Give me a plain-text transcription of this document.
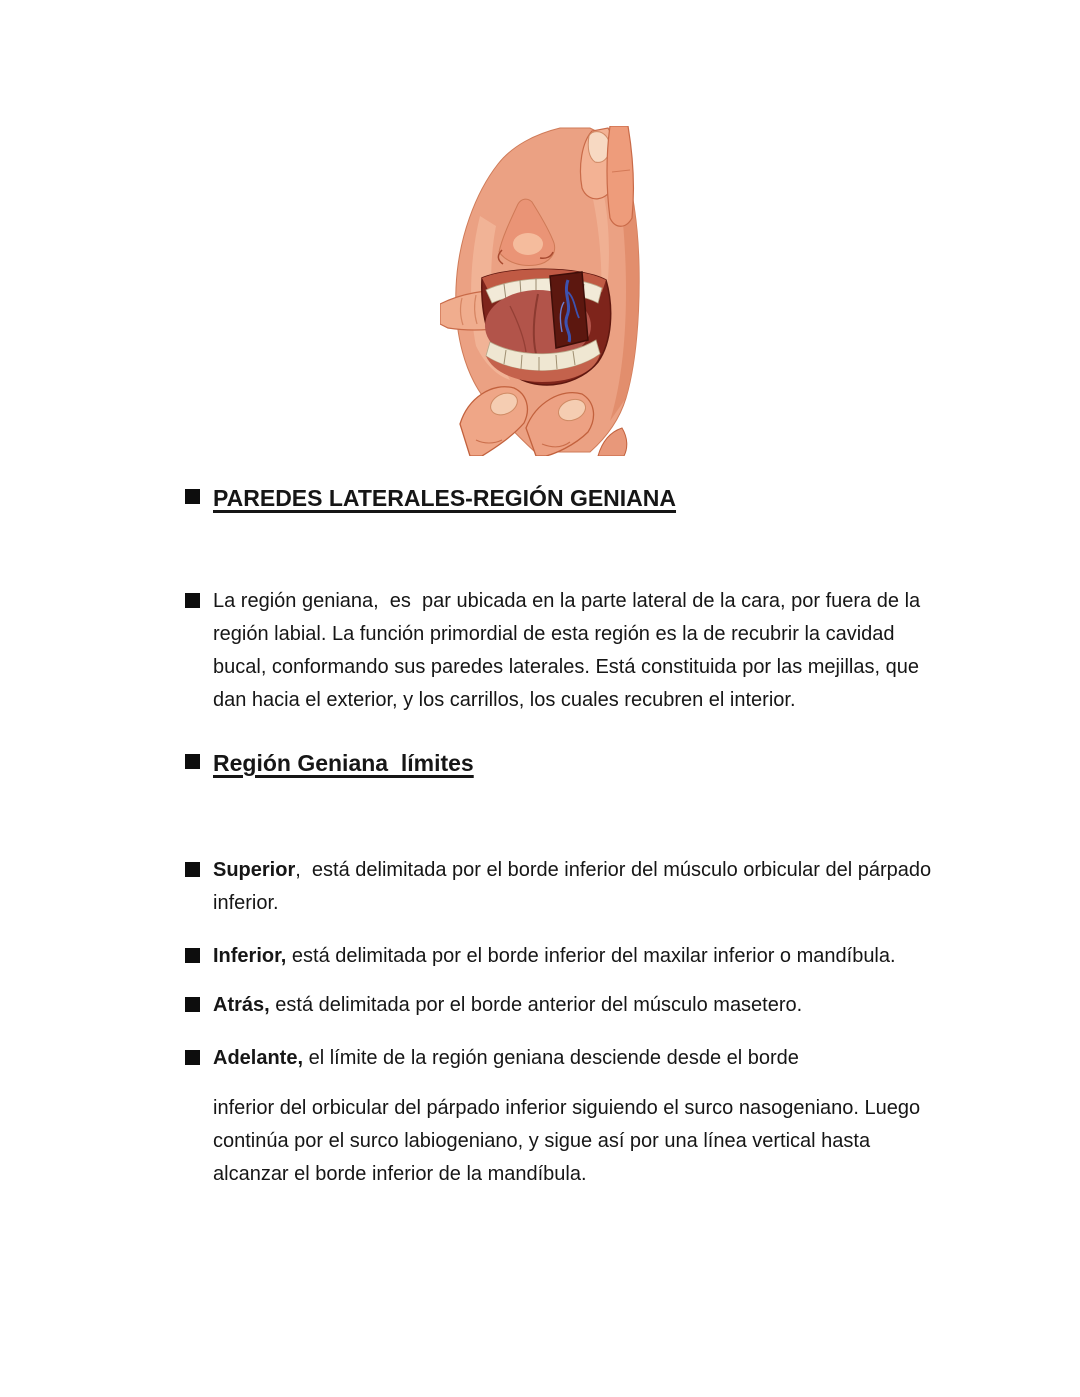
PAREDES LATERALES-REGIÓN GENIANA
La región geniana,  es  par ubicada en la parte lateral de la cara, por fuera de la región labial. La función primordial de esta región es la de recubrir la cavidad bucal, conformando sus paredes laterales. Está constituida por las mejillas, que dan hacia el exterior, y los carrillos, los cuales recubren el interior.
Región Geniana  límites
Superior,  está delimitada por el borde inferior del músculo orbicular del párpado inferior.
Inferior, está delimitada por el borde inferior del maxilar inferior o mandíbula.
Atrás, está delimitada por el borde anterior del músculo masetero.
Adelante, el límite de la región geniana desciende desde el borde
inferior del orbicular del párpado inferior siguiendo el surco nasogeniano. Luego continúa por el surco labiogeniano, y sigue así por una línea vertical hasta alcanzar el borde inferior de la mandíbula.
